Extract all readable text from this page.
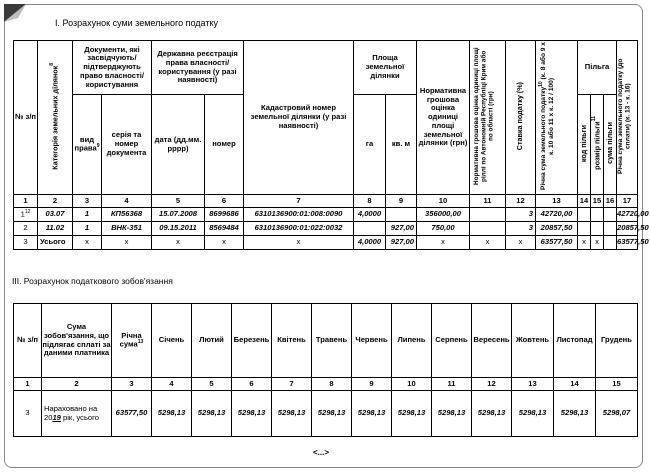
I. Розрахунок суми земельного податку
№ з/п	Категорія земельних ділянок$^8$	Документи, які засвідчують/ підтверджують право власності/ користування		Державна реєстрація права власності/ користування (у разі наявності)		Кадастровий номер земельної ділянки (у разі наявності)	Площа земельної ділянки		Нормативна грошова оцінка одиниці площі земельної ділянки (грн)	Нормативна грошова оцінка одиниці площі ріллі по Автономній Республіці Крим або по області (грн)	Ставка податку (%)	Річна сума земельного податку$^{10}$ (к. 8 або 9 х к. 10 або 11 х к. 12 / 100)	Пільга			Річна сума земельного податку (до сплати) (к. 13 - к. 16)
		вид права$^9$	серія та номер документа	дата (дд.мм. рррр)	номер		га	кв. м					код пільги	розмір пільги$^{11}$	сума пільги	
1	2	3	4	5	6	7	8	9	10	11	12	13	14	15	16	17
$1^{12}$	03.07	1	КП56368	15.07.2008	8699686	6310136900:01:008:0090	4,0000		356000,00		3	42720,00				42720,00
2	11.02	1	ВНК-351	09.15.2011	8569484	6310136900:01:022:0032		927,00	750,00		3	20857,50				20857,50
3	Усього	х	х	х	х	х	4,0000	927,00	х	х	х	63577,50	х	х		63577,50
III. Розрахунок податкового зобов'язання
№ з/п	Сума зобов'язання, що підлягає сплаті за даними платника	Річна сума$^{13}$	Січень	Лютий	Березень	Квітень	Травень	Червень	Липень	Серпень	Вересень	Жовтень	Листопад	Грудень
1	2	3	4	5	6	7	8	9	10	11	12	13	14	15
3	Нараховано на 2019 рік, усього	63577,50	5298,13	5298,13	5298,13	5298,13	5298,13	5298,13	5298,13	5298,13	5298,13	5298,13	5298,13	5298,07
<...>
